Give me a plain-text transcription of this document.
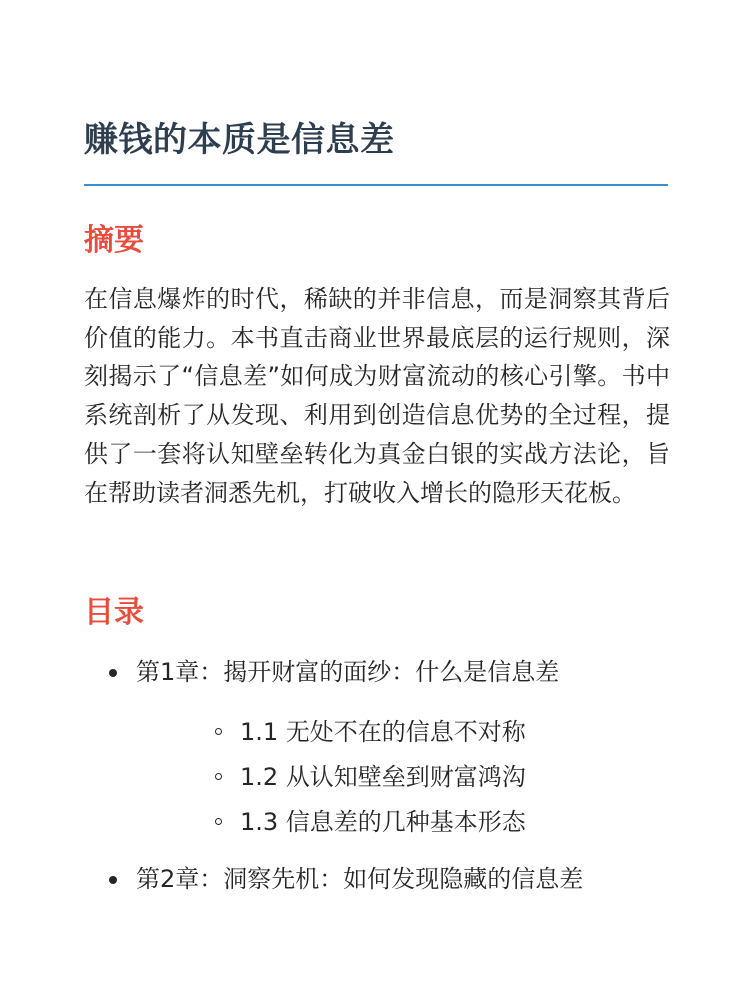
赚钱的本质是信息差
摘要

在信息爆炸的时代，稀缺的并非信息，而是洞察其背后价值的能力。本书直击商业世界最底层的运行规则，深刻揭示了“信息差”如何成为财富流动的核心引擎。书中系统剖析了从发现、利用到创造信息优势的全过程，提供了一套将认知壁垒转化为真金白银的实战方法论，旨在帮助读者洞悉先机，打破收入增长的隐形天花板。

目录
第1章：揭开财富的面纱：什么是信息差
1.1 无处不在的信息不对称
1.2 从认知壁垒到财富鸿沟
1.3 信息差的几种基本形态
第2章：洞察先机：如何发现隐藏的信息差
